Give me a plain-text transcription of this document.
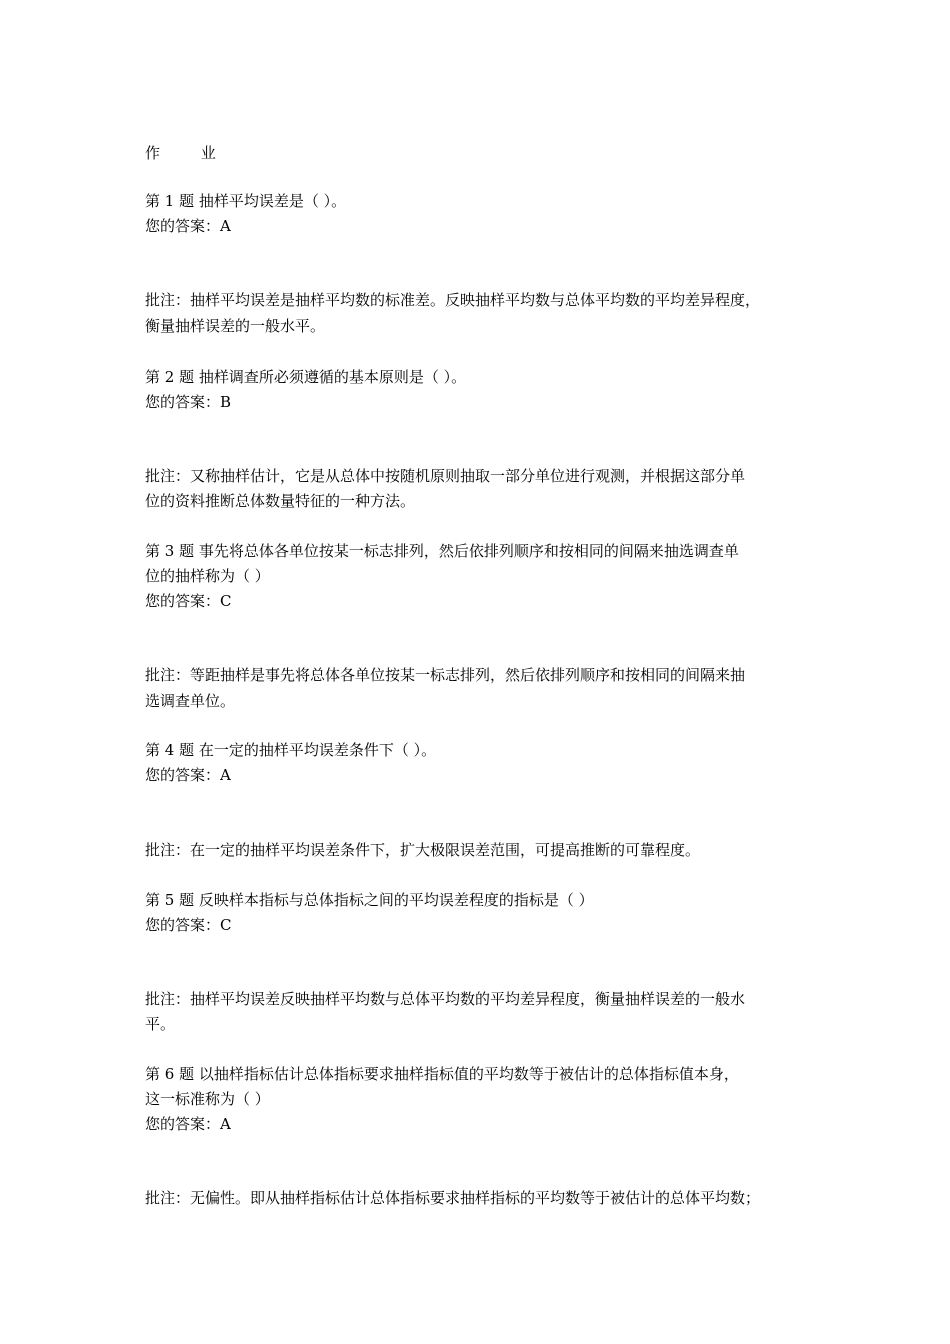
作 业
第 1 题 抽样平均误差是（ ）。
您的答案：A
批注：抽样平均误差是抽样平均数的标准差。反映抽样平均数与总体平均数的平均差异程度，
衡量抽样误差的一般水平。
第 2 题 抽样调查所必须遵循的基本原则是（ ）。
您的答案：B
批注：又称抽样估计，它是从总体中按随机原则抽取一部分单位进行观测，并根据这部分单
位的资料推断总体数量特征的一种方法。
第 3 题 事先将总体各单位按某一标志排列，然后依排列顺序和按相同的间隔来抽选调查单
位的抽样称为（ ）
您的答案：C
批注：等距抽样是事先将总体各单位按某一标志排列，然后依排列顺序和按相同的间隔来抽
选调查单位。
第 4 题 在一定的抽样平均误差条件下（ ）。
您的答案：A
批注：在一定的抽样平均误差条件下，扩大极限误差范围，可提高推断的可靠程度。
第 5 题 反映样本指标与总体指标之间的平均误差程度的指标是（ ）
您的答案：C
批注：抽样平均误差反映抽样平均数与总体平均数的平均差异程度，衡量抽样误差的一般水
平。
第 6 题 以抽样指标估计总体指标要求抽样指标值的平均数等于被估计的总体指标值本身，
这一标准称为（ ）
您的答案：A
批注：无偏性。即从抽样指标估计总体指标要求抽样指标的平均数等于被估计的总体平均数；
